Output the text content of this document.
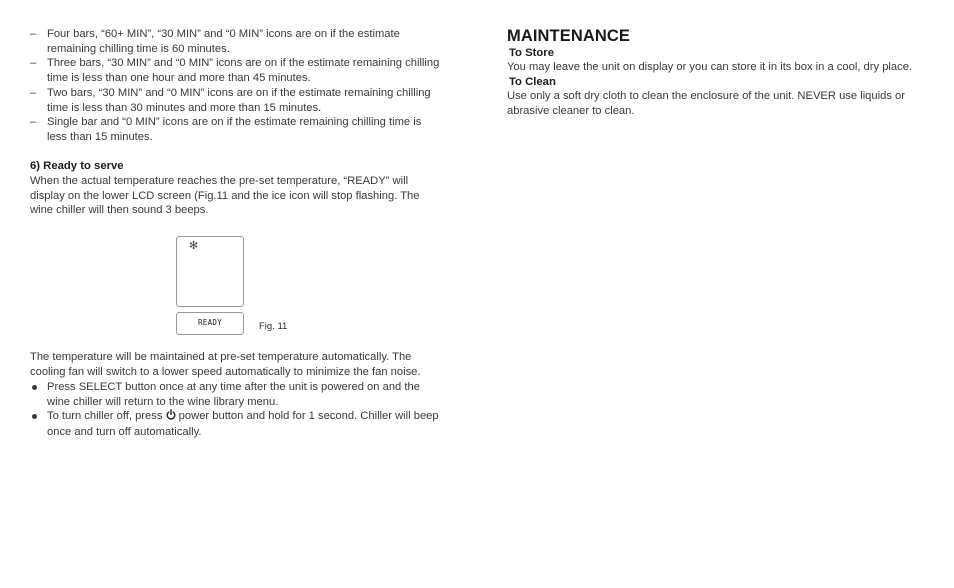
– Four bars, “60+ MIN”, “30 MIN” and “0 MIN” icons are on if the estimate remaining chilling time is 60 minutes.
– Three bars, “30 MIN” and “0 MIN” icons are on if the estimate remaining chilling time is less than one hour and more than 45 minutes.
– Two bars, “30 MIN” and “0 MIN” icons are on if the estimate remaining chilling time is less than 30 minutes and more than 15 minutes.
– Single bar and “0 MIN” icons are on if the estimate remaining chilling time is less than 15 minutes.
6) Ready to serve

When the actual temperature reaches the pre-set temperature, “READY” will display on the lower LCD screen (Fig.11 and the ice icon will stop flashing. The wine chiller will then sound 3 beeps.

✻
READY	Fig. 11

The temperature will be maintained at pre-set temperature automatically. The cooling fan will switch to a lower speed automatically to minimize the fan noise.

Press SELECT button once at any time after the unit is powered on and the wine chiller will return to the wine library menu.
To turn chiller off, press  power button and hold for 1 second. Chiller will beep once and turn off automatically.
MAINTENANCE
To Store

You may leave the unit on display or you can store it in its box in a cool, dry place.

To Clean

Use only a soft dry cloth to clean the enclosure of the unit. NEVER use liquids or abrasive cleaner to clean.
